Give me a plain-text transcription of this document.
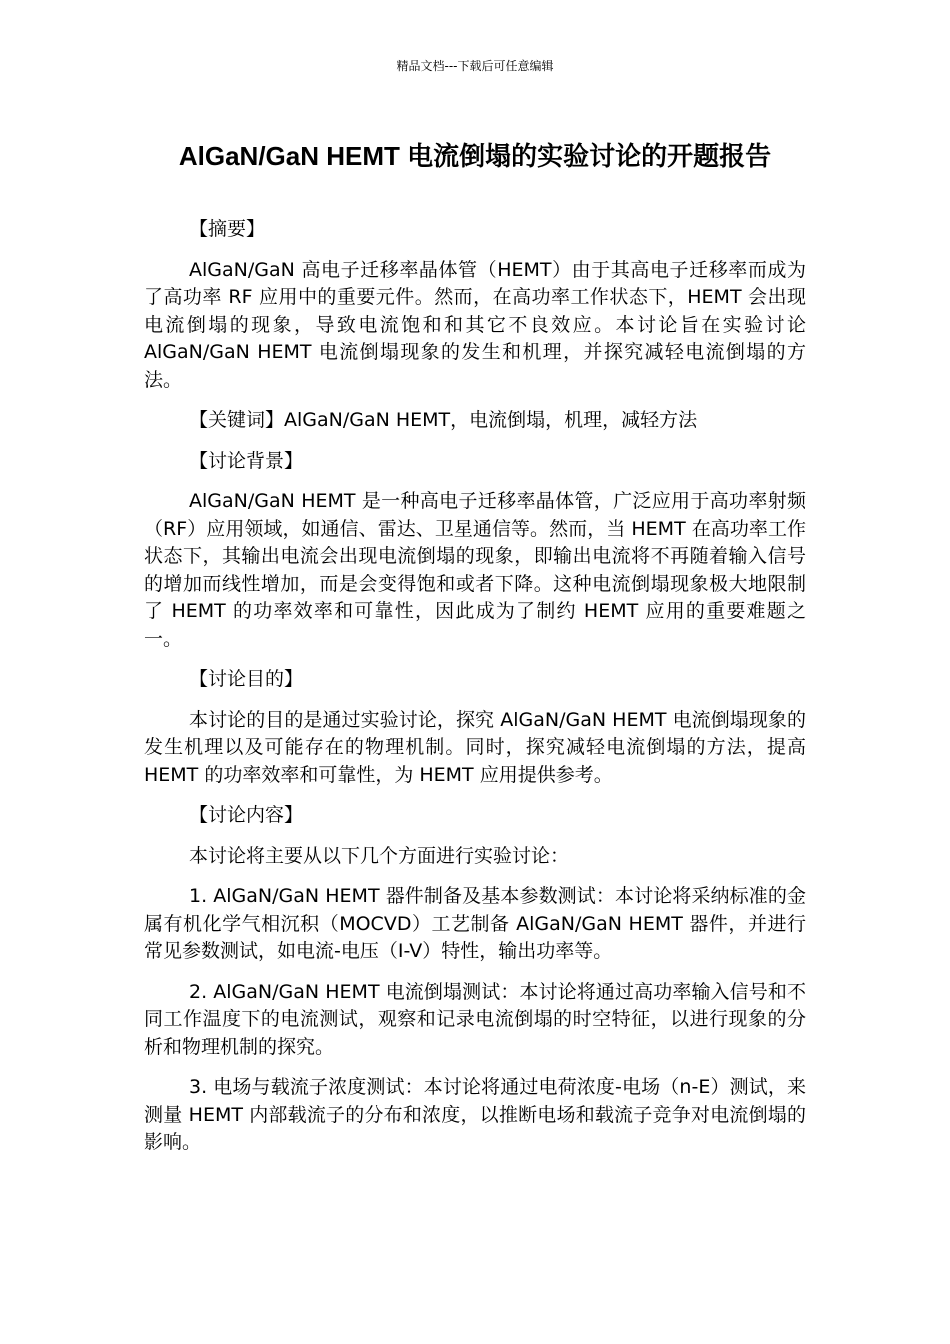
精品文档---下载后可任意编辑
AlGaN/GaN HEMT 电流倒塌的实验讨论的开题报告

【摘要】

AlGaN/GaN 高电子迁移率晶体管（HEMT）由于其高电子迁移率而成为了高功率 RF 应用中的重要元件。然而，在高功率工作状态下，HEMT 会出现电流倒塌的现象，导致电流饱和和其它不良效应。本讨论旨在实验讨论 AlGaN/GaN HEMT 电流倒塌现象的发生和机理，并探究减轻电流倒塌的方法。

【关键词】AlGaN/GaN HEMT，电流倒塌，机理，减轻方法

【讨论背景】

AlGaN/GaN HEMT 是一种高电子迁移率晶体管，广泛应用于高功率射频（RF）应用领域，如通信、雷达、卫星通信等。然而，当 HEMT 在高功率工作状态下，其输出电流会出现电流倒塌的现象，即输出电流将不再随着输入信号的增加而线性增加，而是会变得饱和或者下降。这种电流倒塌现象极大地限制了 HEMT 的功率效率和可靠性，因此成为了制约 HEMT 应用的重要难题之一。

【讨论目的】

本讨论的目的是通过实验讨论，探究 AlGaN/GaN HEMT 电流倒塌现象的发生机理以及可能存在的物理机制。同时，探究减轻电流倒塌的方法，提高 HEMT 的功率效率和可靠性，为 HEMT 应用提供参考。

【讨论内容】

本讨论将主要从以下几个方面进行实验讨论：

1. AlGaN/GaN HEMT 器件制备及基本参数测试：本讨论将采纳标准的金属有机化学气相沉积（MOCVD）工艺制备 AlGaN/GaN HEMT 器件，并进行常见参数测试，如电流-电压（I-V）特性，输出功率等。

2. AlGaN/GaN HEMT 电流倒塌测试：本讨论将通过高功率输入信号和不同工作温度下的电流测试，观察和记录电流倒塌的时空特征，以进行现象的分析和物理机制的探究。

3. 电场与载流子浓度测试：本讨论将通过电荷浓度-电场（n-E）测试，来测量 HEMT 内部载流子的分布和浓度，以推断电场和载流子竞争对电流倒塌的影响。
